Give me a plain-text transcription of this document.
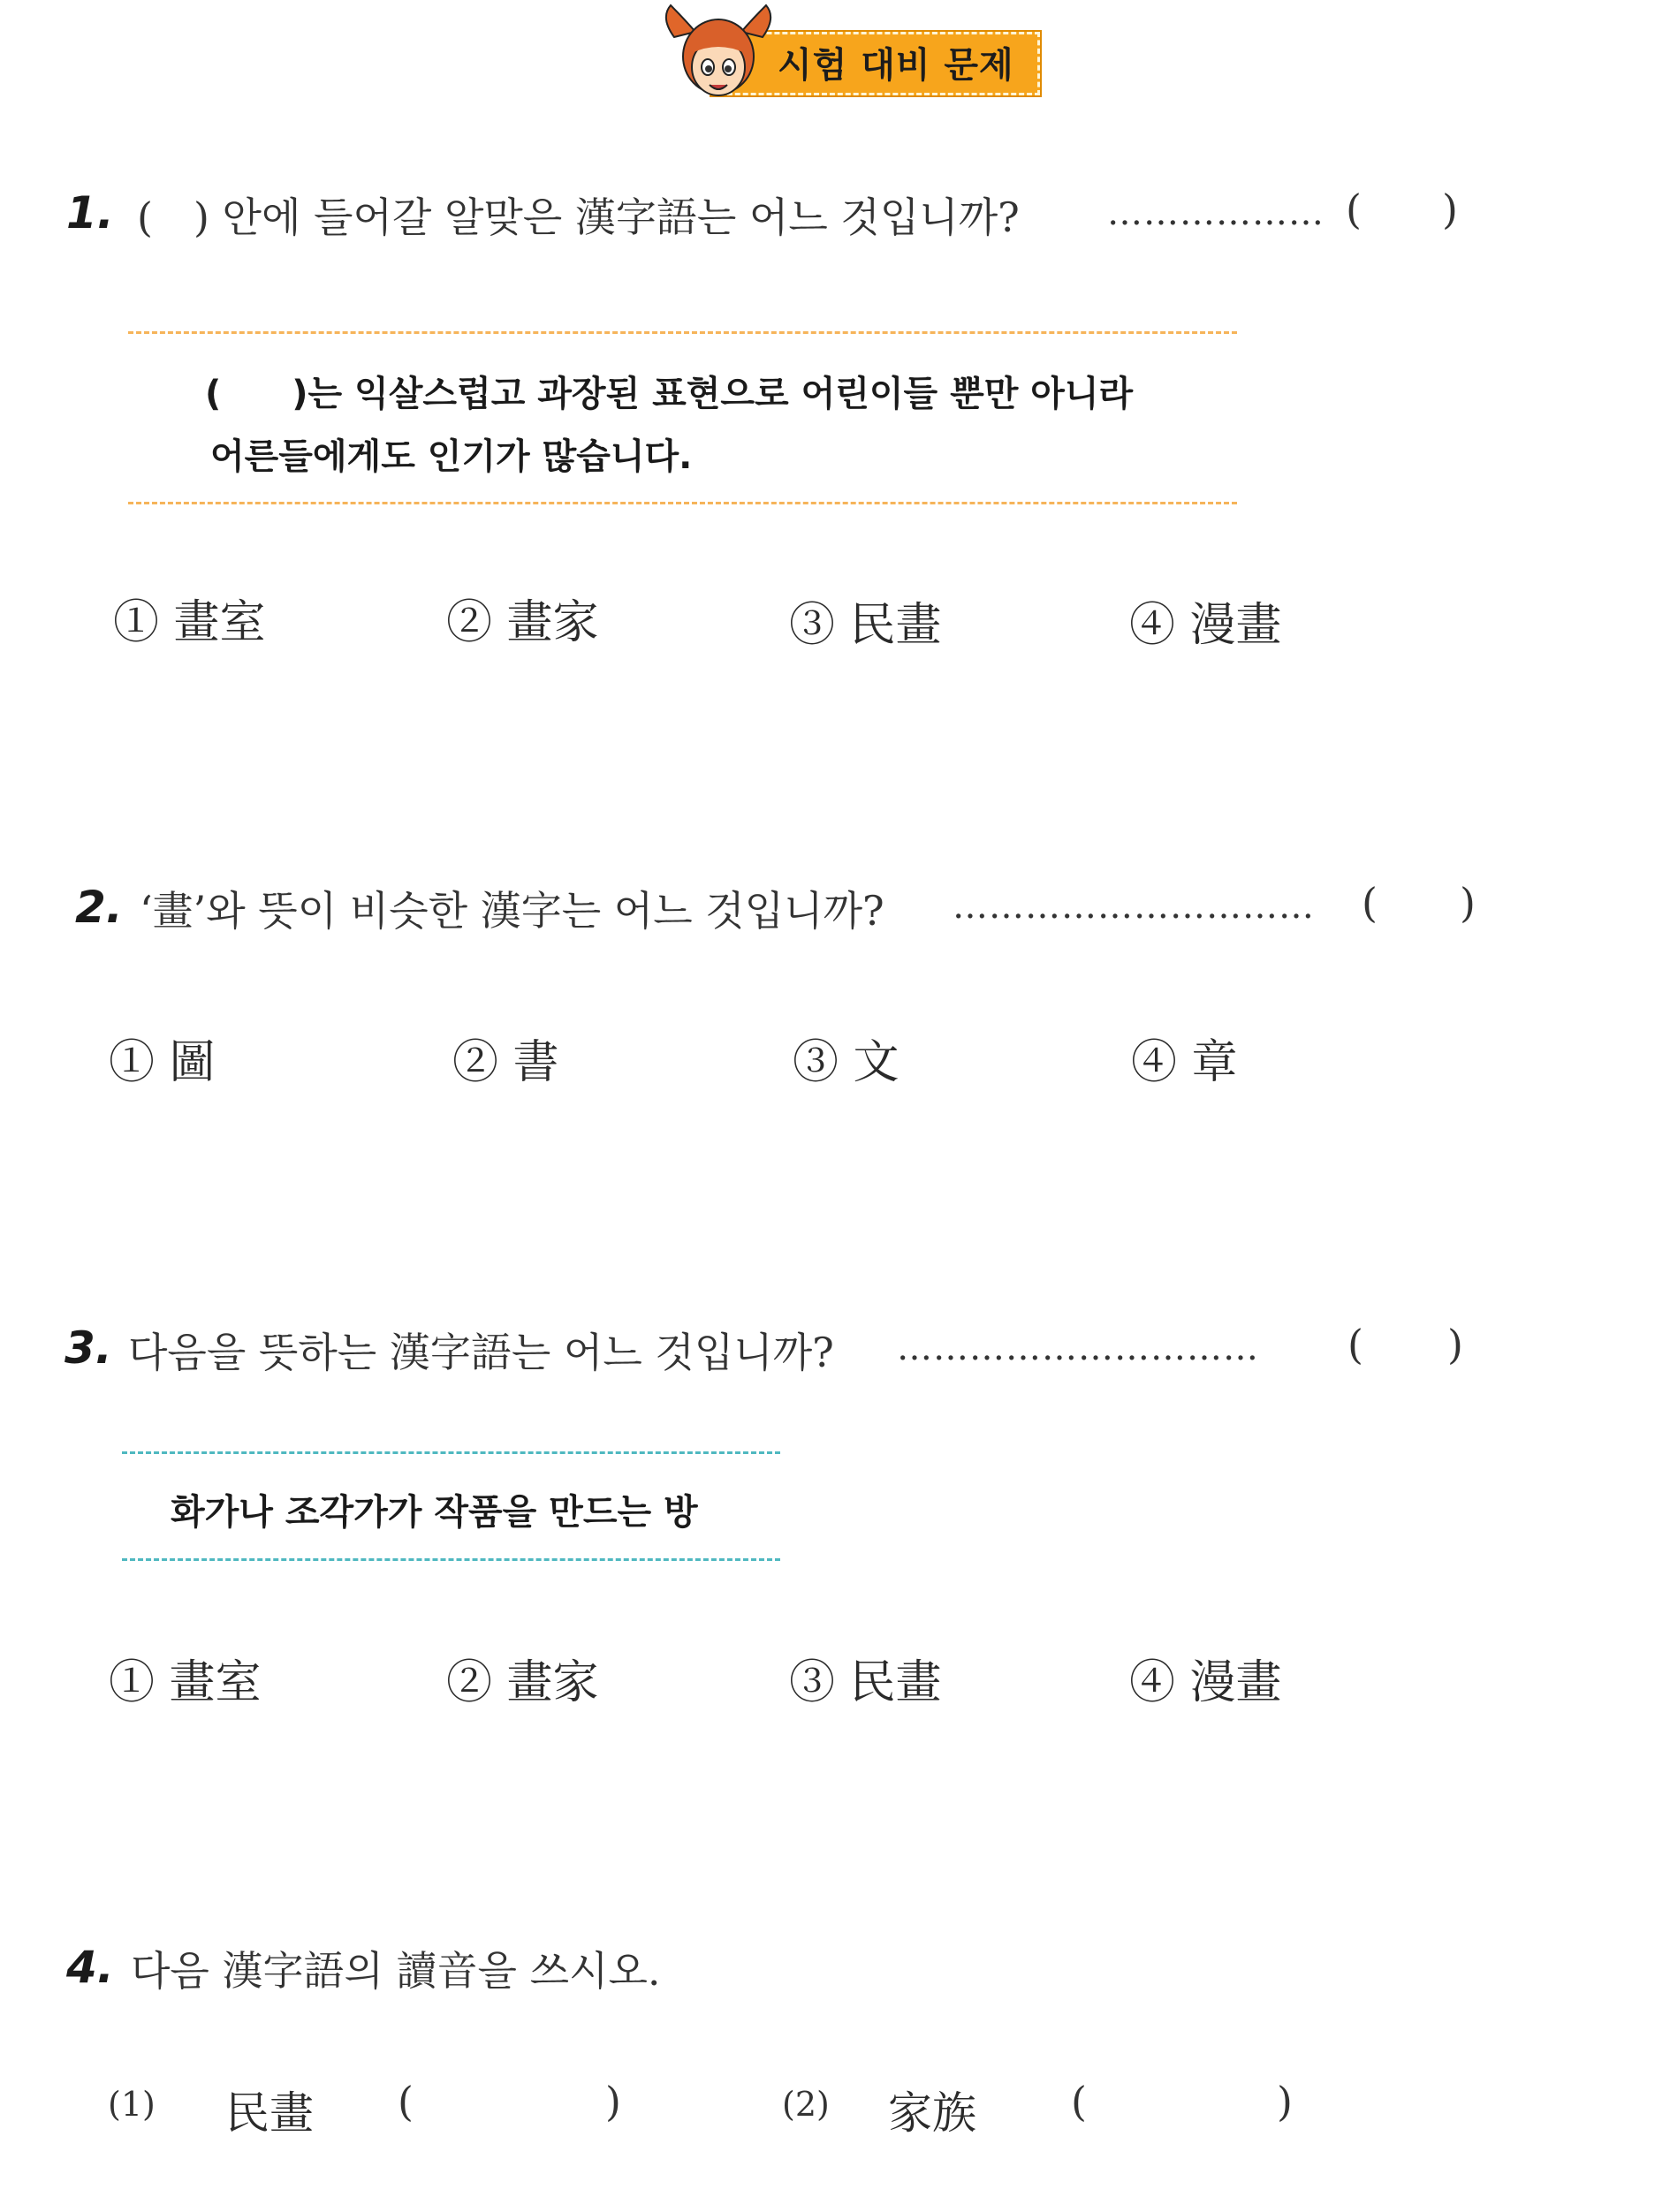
시험 대비 문제
1. (　) 안에 들어갈 알맞은 漢字語는 어느 것입니까? ……………… ( )
(　　)는 익살스럽고 과장된 표현으로 어린이들 뿐만 아니라
어른들에게도 인기가 많습니다.
① 畫室	② 畫家	③ 民畫	④ 漫畫
2. ‘畫’와 뜻이 비슷한 漢字는 어느 것입니까? …………………………	( )
① 圖	② 書	③ 文	④ 章
3. 다음을 뜻하는 漢字語는 어느 것입니까? …………………………	( )
화가나 조각가가 작품을 만드는 방
① 畫室	② 畫家	③ 民畫	④ 漫畫
4. 다음 漢字語의 讀音을 쓰시오.
(1) 民畫 (	)	(2) 家族 (	)
